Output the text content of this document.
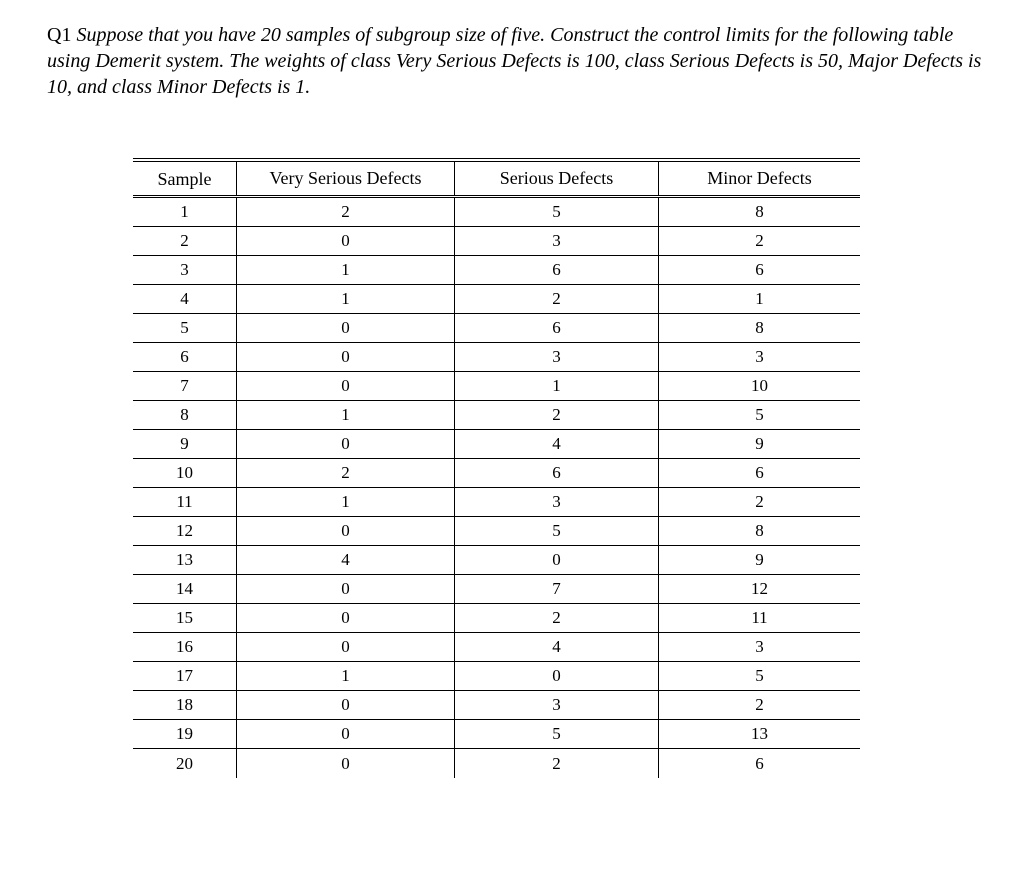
Q1 Suppose that you have 20 samples of subgroup size of five. Construct the control limits for the following table using Demerit system. The weights of class Very Serious Defects is 100, class Serious Defects is 50, Major Defects is 10, and class Minor Defects is 1.

Sample	Very Serious Defects	Serious Defects	Minor Defects
1	2	5	8
2	0	3	2
3	1	6	6
4	1	2	1
5	0	6	8
6	0	3	3
7	0	1	10
8	1	2	5
9	0	4	9
10	2	6	6
11	1	3	2
12	0	5	8
13	4	0	9
14	0	7	12
15	0	2	11
16	0	4	3
17	1	0	5
18	0	3	2
19	0	5	13
20	0	2	6
